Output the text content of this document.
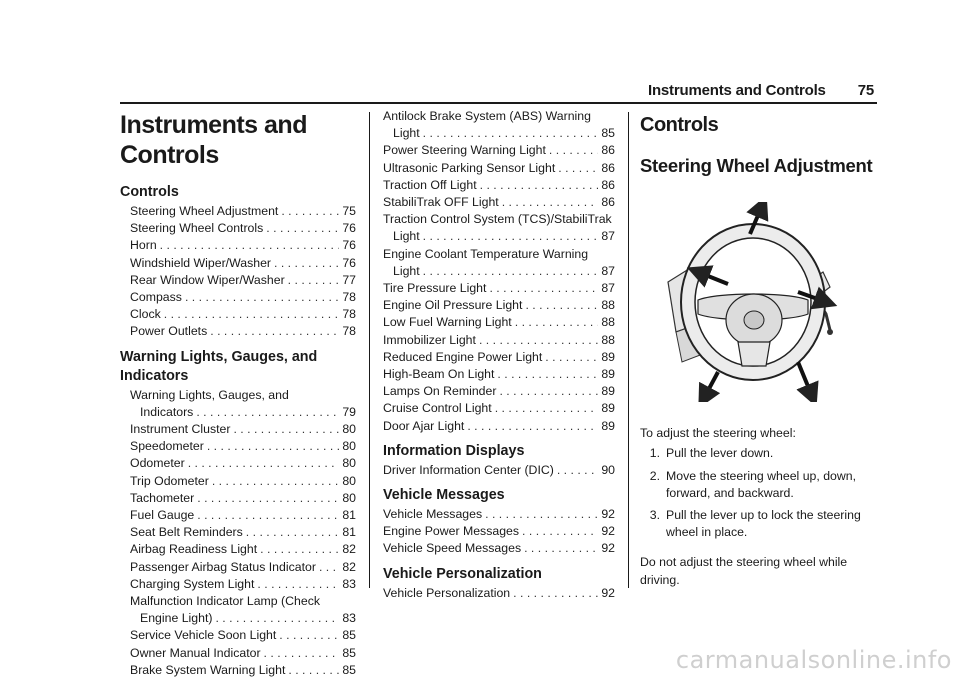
Instruments and Controls 75
Instruments and Controls
Controls
Steering Wheel Adjustment . . .	75
Steering Wheel Controls . . .	76
Horn . . .	76
Windshield Wiper/Washer . . .	76
Rear Window Wiper/Washer . . .	77
Compass . . .	78
Clock . . .	78
Power Outlets . . .	78
Warning Lights, Gauges, and Indicators
Warning Lights, Gauges, and
Indicators . . .	79
Instrument Cluster . . .	80
Speedometer . . .	80
Odometer . . .	80
Trip Odometer . . .	80
Tachometer . . .	80
Fuel Gauge . . .	81
Seat Belt Reminders . . .	81
Airbag Readiness Light . . .	82
Passenger Airbag Status Indicator . . . 82
Charging System Light . . .	83
Malfunction Indicator Lamp (Check
Engine Light) . . .	83
Service Vehicle Soon Light . . .	85
Owner Manual Indicator . . .	85
Brake System Warning Light . . .	85
Antilock Brake System (ABS) Warning
Light . . .	85
Power Steering Warning Light . . .	86
Ultrasonic Parking Sensor Light . . .	86
Traction Off Light . . .	86
StabiliTrak OFF Light . . .	86
Traction Control System (TCS)/StabiliTrak
Light . . .	87
Engine Coolant Temperature Warning
Light . . .	87
Tire Pressure Light . . .	87
Engine Oil Pressure Light . . .	88
Low Fuel Warning Light . . .	88
Immobilizer Light . . .	88
Reduced Engine Power Light . . .	89
High-Beam On Light . . .	89
Lamps On Reminder . . .	89
Cruise Control Light . . .	89
Door Ajar Light . . .	89
Information Displays
Driver Information Center (DIC) . . .	90
Vehicle Messages
Vehicle Messages . . .	92
Engine Power Messages . . .	92
Vehicle Speed Messages . . .	92
Vehicle Personalization
Vehicle Personalization . . .	92
Controls
Steering Wheel Adjustment
To adjust the steering wheel:
1. Pull the lever down.
2. Move the steering wheel up, down, forward, and backward.
3. Pull the lever up to lock the steering wheel in place.
Do not adjust the steering wheel while driving.
carmanualsonline.info
